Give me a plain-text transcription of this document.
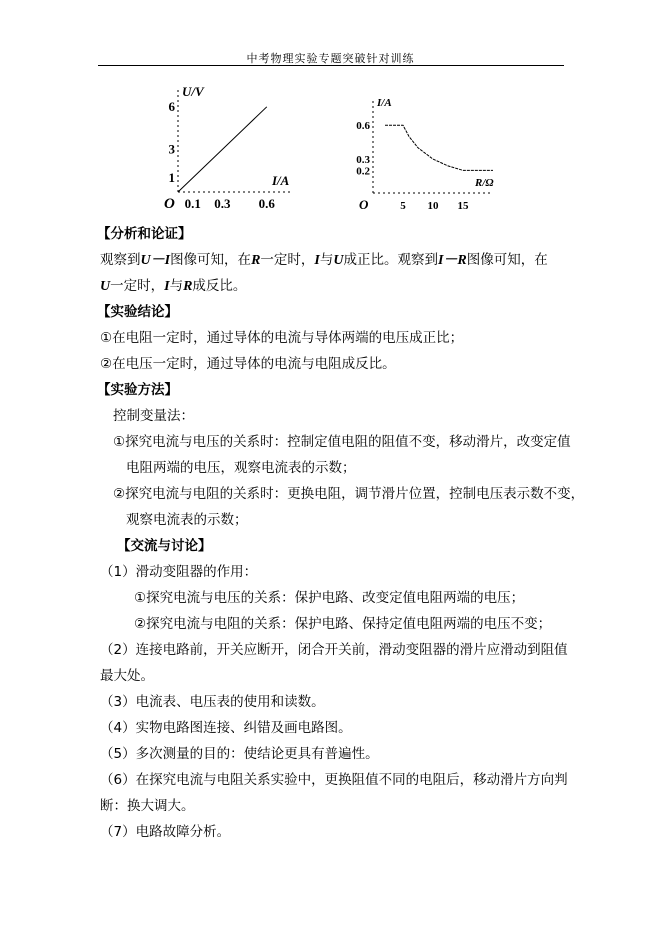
中考物理实验专题突破针对训练
O
I/A
U/V
0.1 0.3 0.6
1
3
6
O
R/Ω
I/A
5 10 15
0.6
0.3
0.2
【分析和论证】
观察到U－I图像可知，在R一定时，I与U成正比。观察到I－R图像可知，在
U一定时，I与R成反比。
【实验结论】
①在电阻一定时，通过导体的电流与导体两端的电压成正比；
②在电压一定时，通过导体的电流与电阻成反比。
【实验方法】
控制变量法：
①探究电流与电压的关系时：控制定值电阻的阻值不变，移动滑片，改变定值
电阻两端的电压，观察电流表的示数；
②探究电流与电阻的关系时：更换电阻，调节滑片位置，控制电压表示数不变，
观察电流表的示数；
【交流与讨论】
（1）滑动变阻器的作用：
①探究电流与电压的关系：保护电路、改变定值电阻两端的电压；
②探究电流与电阻的关系：保护电路、保持定值电阻两端的电压不变；
（2）连接电路前，开关应断开，闭合开关前，滑动变阻器的滑片应滑动到阻值
最大处。
（3）电流表、电压表的使用和读数。
（4）实物电路图连接、纠错及画电路图。
（5）多次测量的目的：使结论更具有普遍性。
（6）在探究电流与电阻关系实验中，更换阻值不同的电阻后，移动滑片方向判
断：换大调大。
（7）电路故障分析。
